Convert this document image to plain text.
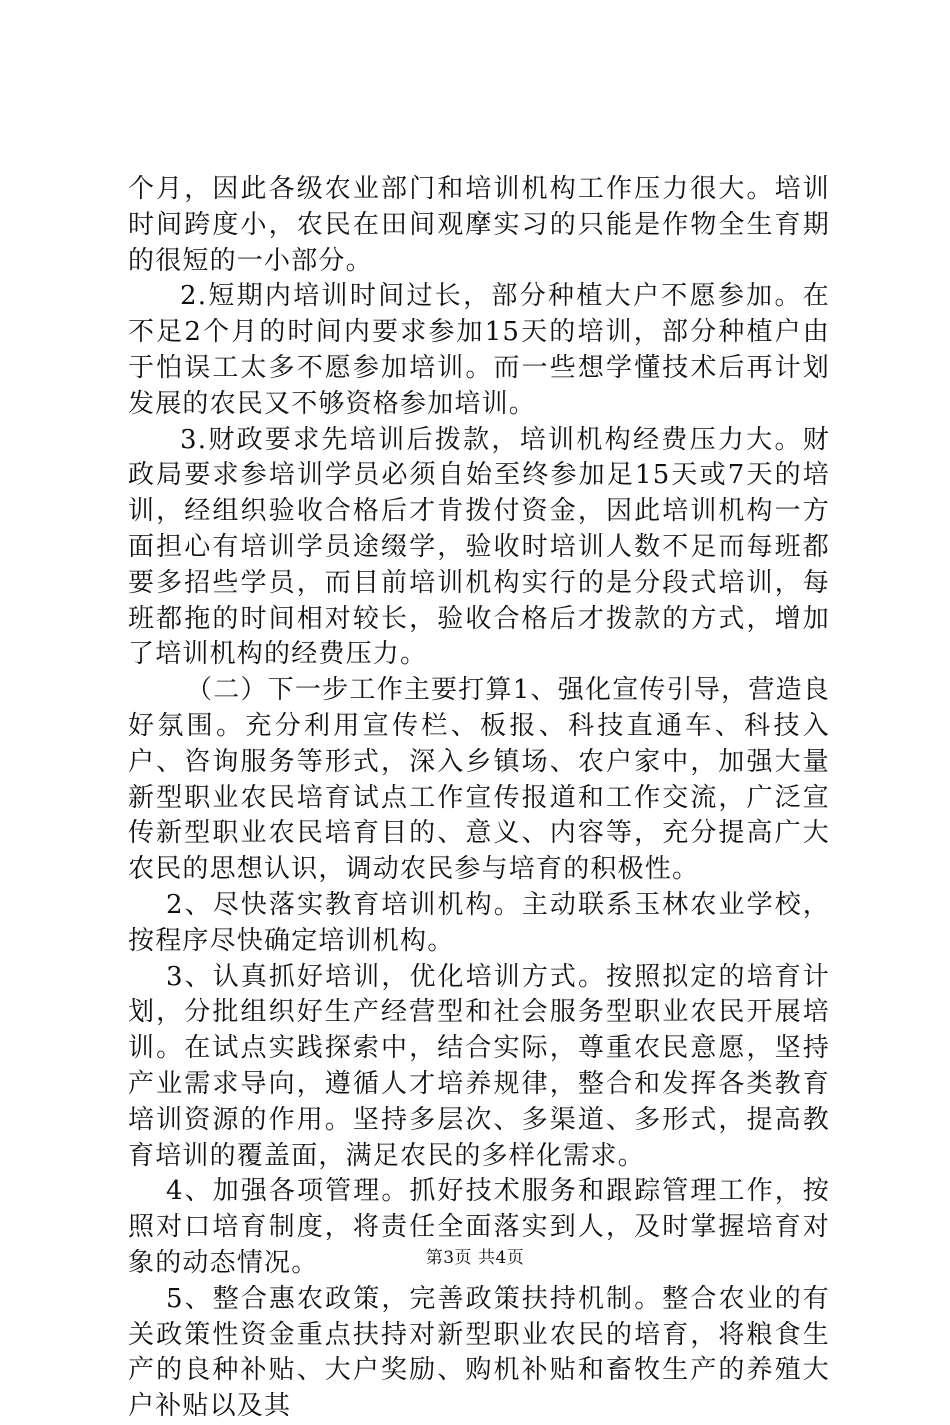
个月，因此各级农业部门和培训机构工作压力很大。培训时间跨度小，农民在田间观摩实习的只能是作物全生育期的很短的一小部分。

2.短期内培训时间过长，部分种植大户不愿参加。在不足2个月的时间内要求参加15天的培训，部分种植户由于怕误工太多不愿参加培训。而一些想学懂技术后再计划发展的农民又不够资格参加培训。

3.财政要求先培训后拨款，培训机构经费压力大。财政局要求参培训学员必须自始至终参加足15天或7天的培训，经组织验收合格后才肯拨付资金，因此培训机构一方面担心有培训学员途缀学，验收时培训人数不足而每班都要多招些学员，而目前培训机构实行的是分段式培训，每班都拖的时间相对较长，验收合格后才拨款的方式，增加了培训机构的经费压力。

（二）下一步工作主要打算1、强化宣传引导，营造良好氛围。充分利用宣传栏、板报、科技直通车、科技入户、咨询服务等形式，深入乡镇场、农户家中，加强大量新型职业农民培育试点工作宣传报道和工作交流，广泛宣传新型职业农民培育目的、意义、内容等，充分提高广大农民的思想认识，调动农民参与培育的积极性。

2、尽快落实教育培训机构。主动联系玉林农业学校，按程序尽快确定培训机构。

3、认真抓好培训，优化培训方式。按照拟定的培育计划，分批组织好生产经营型和社会服务型职业农民开展培训。在试点实践探索中，结合实际，尊重农民意愿，坚持产业需求导向，遵循人才培养规律，整合和发挥各类教育培训资源的作用。坚持多层次、多渠道、多形式，提高教育培训的覆盖面，满足农民的多样化需求。

4、加强各项管理。抓好技术服务和跟踪管理工作，按照对口培育制度，将责任全面落实到人，及时掌握培育对象的动态情况。

5、整合惠农政策，完善政策扶持机制。整合农业的有关政策性资金重点扶持对新型职业农民的培育，将粮食生产的良种补贴、大户奖励、购机补贴和畜牧生产的养殖大户补贴以及其

第3页 共4页
